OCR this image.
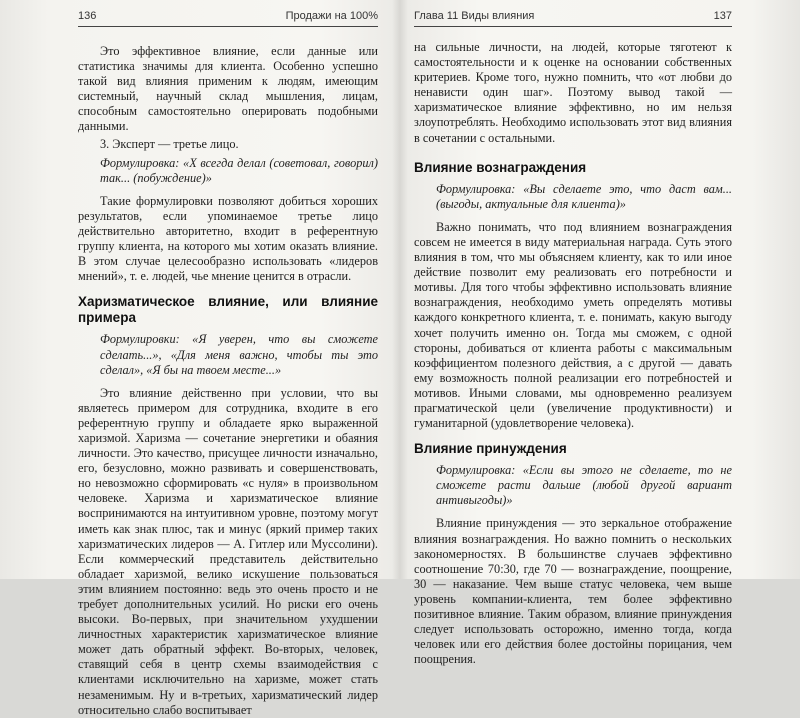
136	Продажи на 100%

Это эффективное влияние, если данные или статистика значимы для клиента. Особенно успешно такой вид влияния применим к людям, имеющим системный, научный склад мышления, лицам, способным самостоятельно оперировать подобными данными.

3. Эксперт — третье лицо.

Формулировка: «Х всегда делал (советовал, говорил) так... (побуждение)»

Такие формулировки позволяют добиться хороших результатов, если упоминаемое третье лицо действительно авторитетно, входит в референтную группу клиента, на которого мы хотим оказать влияние. В этом случае целесообразно использовать «лидеров мнений», т. е. людей, чье мнение ценится в отрасли.

Харизматическое влияние, или влияние примера

Формулировки: «Я уверен, что вы сможете сделать...», «Для меня важно, чтобы ты это сделал», «Я бы на твоем месте...»

Это влияние действенно при условии, что вы являетесь примером для сотрудника, входите в его референтную группу и обладаете ярко выраженной харизмой. Харизма — сочетание энергетики и обаяния личности. Это качество, присущее личности изначально, его, безусловно, можно развивать и совершенствовать, но невозможно сформировать «с нуля» в произвольном человеке. Харизма и харизматическое влияние воспринимаются на интуитивном уровне, поэтому могут иметь как знак плюс, так и минус (яркий пример таких харизматических лидеров — А. Гитлер или Муссолини). Если коммерческий представитель действительно обладает харизмой, велико искушение пользоваться этим влиянием постоянно: ведь это очень просто и не требует дополнительных усилий. Но риски его очень высоки. Во-первых, при значительном ухудшении личностных характеристик харизматическое влияние может дать обратный эффект. Во-вторых, человек, ставящий себя в центр схемы взаимодействия с клиентами исключительно на харизме, может стать незаменимым. Ну и в-третьих, харизматический лидер относительно слабо воспитывает

Глава 11 Виды влияния	137

на сильные личности, на людей, которые тяготеют к самостоятельности и к оценке на основании собственных критериев. Кроме того, нужно помнить, что «от любви до ненависти один шаг». Поэтому вывод такой — харизматическое влияние эффективно, но им нельзя злоупотреблять. Необходимо использовать этот вид влияния в сочетании с остальными.

Влияние вознаграждения

Формулировка: «Вы сделаете это, что даст вам... (выгоды, актуальные для клиента)»

Важно понимать, что под влиянием вознаграждения совсем не имеется в виду материальная награда. Суть этого влияния в том, что мы объясняем клиенту, как то или иное действие позволит ему реализовать его потребности и мотивы. Для того чтобы эффективно использовать влияние вознаграждения, необходимо уметь определять мотивы каждого конкретного клиента, т. е. понимать, какую выгоду хочет получить именно он. Тогда мы сможем, с одной стороны, добиваться от клиента работы с максимальным коэффициентом полезного действия, а с другой — давать ему возможность полной реализации его потребностей и мотивов. Иными словами, мы одновременно реализуем прагматической цели (увеличение продуктивности) и гуманитарной (удовлетворение человека).

Влияние принуждения

Формулировка: «Если вы этого не сделаете, то не сможете расти дальше (любой другой вариант антивыгоды)»

Влияние принуждения — это зеркальное отображение влияния вознаграждения. Но важно помнить о нескольких закономерностях. В большинстве случаев эффективно соотношение 70:30, где 70 — вознаграждение, поощрение, 30 — наказание. Чем выше статус человека, чем выше уровень компании-клиента, тем более эффективно позитивное влияние. Таким образом, влияние принуждения следует использовать осторожно, именно тогда, когда человек или его действия более достойны порицания, чем поощрения.
